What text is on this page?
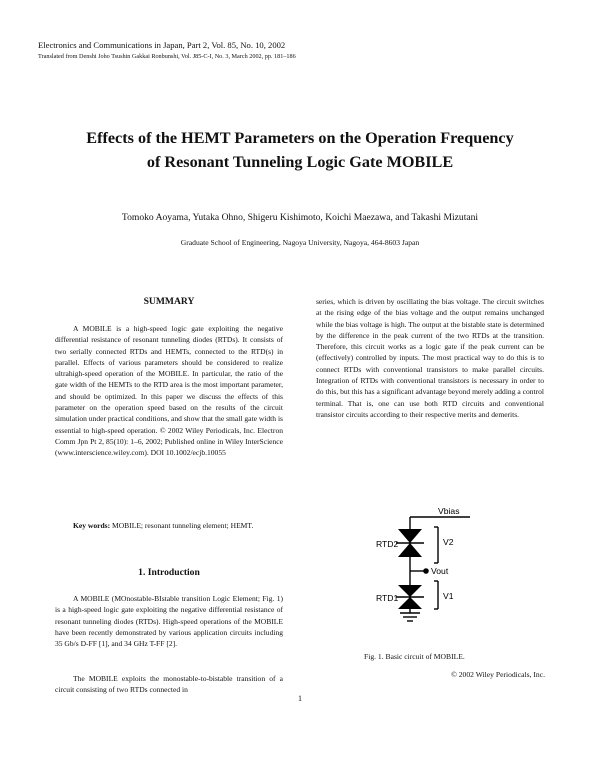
Electronics and Communications in Japan, Part 2, Vol. 85, No. 10, 2002
Translated from Denshi Joho Tsushin Gakkai Ronbunshi, Vol. J85-C-I, No. 3, March 2002, pp. 181–186
Effects of the HEMT Parameters on the Operation Frequency
of Resonant Tunneling Logic Gate MOBILE
Tomoko Aoyama, Yutaka Ohno, Shigeru Kishimoto, Koichi Maezawa, and Takashi Mizutani
Graduate School of Engineering, Nagoya University, Nagoya, 464-8603 Japan
SUMMARY

A MOBILE is a high-speed logic gate exploiting the negative differential resistance of resonant tunneling diodes (RTDs). It consists of two serially connected RTDs and HEMTs, connected to the RTD(s) in parallel. Effects of various parameters should be considered to realize ultrahigh-speed operation of the MOBILE. In particular, the ratio of the gate width of the HEMTs to the RTD area is the most important parameter, and should be optimized. In this paper we discuss the effects of this parameter on the operation speed based on the results of the circuit simulation under practical conditions, and show that the small gate width is essential to high-speed operation. © 2002 Wiley Periodicals, Inc. Electron Comm Jpn Pt 2, 85(10): 1–6, 2002; Published online in Wiley InterScience (www.interscience.wiley.com). DOI 10.1002/ecjb.10055

Key words: MOBILE; resonant tunneling element; HEMT.

1. Introduction

A MOBILE (MOnostable-BIstable transition Logic Element; Fig. 1) is a high-speed logic gate exploiting the negative differential resistance of resonant tunneling diodes (RTDs). High-speed operations of the MOBILE have been recently demonstrated by various application circuits including 35 Gb/s D-FF [1], and 34 GHz T-FF [2].

The MOBILE exploits the monostable-to-bistable transition of a circuit consisting of two RTDs connected in

series, which is driven by oscillating the bias voltage. The circuit switches at the rising edge of the bias voltage and the output remains unchanged while the bias voltage is high. The output at the bistable state is determined by the difference in the peak current of the two RTDs at the transition. Therefore, this circuit works as a logic gate if the peak current can be (effectively) controlled by inputs. The most practical way to do this is to connect RTDs with conventional transistors to make parallel circuits. Integration of RTDs with conventional transistors is necessary in order to do this, but this has a significant advantage beyond merely adding a control terminal. That is, one can use both RTD circuits and conventional transistor circuits according to their respective merits and demerits.

Vbias
RTD2
RTD1
V2
V1
Vout
Fig. 1. Basic circuit of MOBILE.
© 2002 Wiley Periodicals, Inc.
1
